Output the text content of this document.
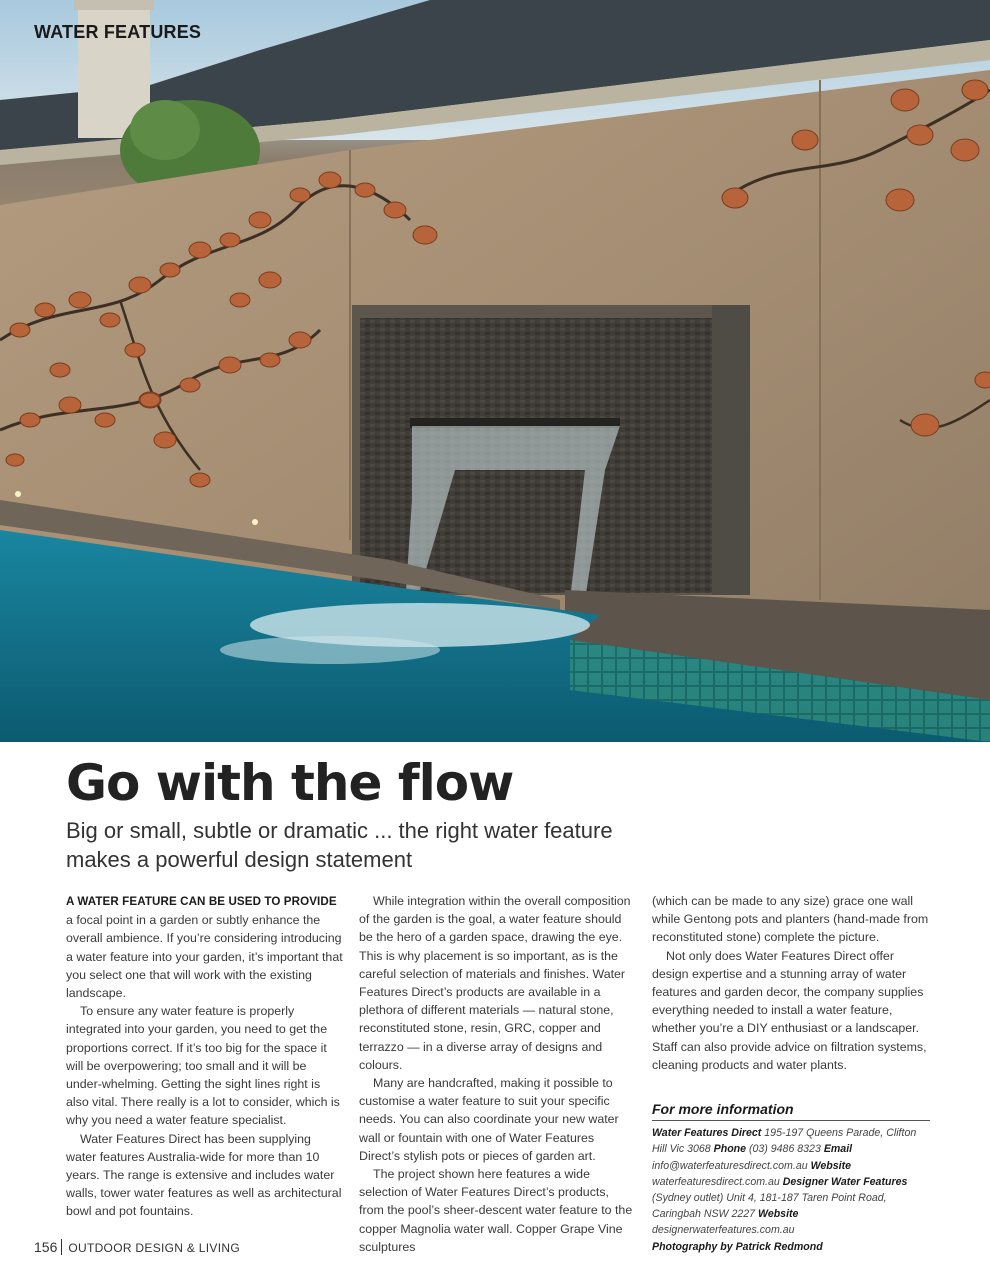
WATER FEATURES
Go with the flow

Big or small, subtle or dramatic ... the right water feature makes a powerful design statement

A WATER FEATURE CAN BE USED TO PROVIDE
a focal point in a garden or subtly enhance the overall ambience. If you’re considering introducing a water feature into your garden, it’s important that you select one that will work with the existing landscape.

To ensure any water feature is properly integrated into your garden, you need to get the proportions correct. If it’s too big for the space it will be overpowering; too small and it will be under-whelming. Getting the sight lines right is also vital. There really is a lot to consider, which is why you need a water feature specialist.

Water Features Direct has been supplying water features Australia-wide for more than 10 years. The range is extensive and includes water walls, tower water features as well as architectural bowl and pot fountains.

While integration within the overall composition of the garden is the goal, a water feature should be the hero of a garden space, drawing the eye. This is why placement is so important, as is the careful selection of materials and finishes. Water Features Direct’s products are available in a plethora of different materials — natural stone, reconstituted stone, resin, GRC, copper and terrazzo — in a diverse array of designs and colours.

Many are handcrafted, making it possible to customise a water feature to suit your specific needs. You can also coordinate your new water wall or fountain with one of Water Features Direct’s stylish pots or pieces of garden art.

The project shown here features a wide selection of Water Features Direct’s products, from the pool’s sheer-descent water feature to the copper Magnolia water wall. Copper Grape Vine sculptures

(which can be made to any size) grace one wall while Gentong pots and planters (hand-made from reconstituted stone) complete the picture.

Not only does Water Features Direct offer design expertise and a stunning array of water features and garden decor, the company supplies everything needed to install a water feature, whether you’re a DIY enthusiast or a landscaper. Staff can also provide advice on filtration systems, cleaning products and water plants.

For more information
Water Features Direct 195-197 Queens Parade, Clifton Hill Vic 3068 Phone (03) 9486 8323 Email info@waterfeaturesdirect.com.au Website waterfeaturesdirect.com.au Designer Water Features (Sydney outlet) Unit 4, 181-187 Taren Point Road, Caringbah NSW 2227 Website designerwaterfeatures.com.au
Photography by Patrick Redmond
156 OUTDOOR DESIGN & LIVING
